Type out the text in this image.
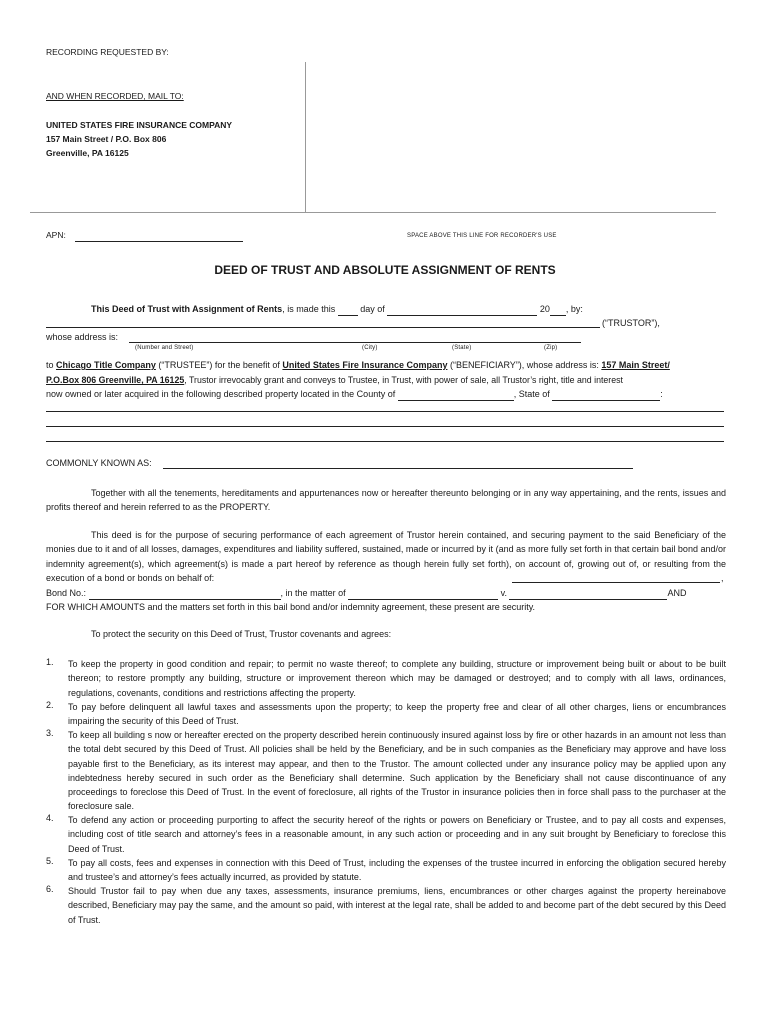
RECORDING REQUESTED BY:
AND WHEN RECORDED, MAIL TO:
UNITED STATES FIRE INSURANCE COMPANY
157 Main Street / P.O. Box 806
Greenville, PA 16125
APN:	SPACE ABOVE THIS LINE FOR RECORDER'S USE
DEED OF TRUST AND ABSOLUTE ASSIGNMENT OF RENTS
This Deed of Trust with Assignment of Rents, is made this	day of	20 , by:
(“TRUSTOR”),
whose address is:
(Number and Street)	(City)	(State)	(Zip)
to Chicago Title Company (“TRUSTEE”) for the benefit of United States Fire Insurance Company (“BENEFICIARY”), whose address is: 157 Main Street/
P.O.Box 806 Greenville, PA 16125, Trustor irrevocably grant and conveys to Trustee, in Trust, with power of sale, all Trustor’s right, title and interest
now owned or later acquired in the following described property located in the County of	, State of	:
COMMONLY KNOWN AS:
Together with all the tenements, hereditaments and appurtenances now or hereafter thereunto belonging or in any way appertaining, and the rents, issues and profits thereof and herein referred to as the PROPERTY.
This deed is for the purpose of securing performance of each agreement of Trustor herein contained, and securing payment to the said Beneficiary of the monies due to it and of all losses, damages, expenditures and liability suffered, sustained, made or incurred by it (and as more fully set forth in that certain bail bond and/or indemnity agreement(s), which agreement(s) is made a part hereof by reference as though herein fully set forth), on account of, growing out of, or resulting from the execution of a bond or bonds on behalf of:	,
Bond No.:	, in the matter of	v.	AND
FOR WHICH AMOUNTS and the matters set forth in this bail bond and/or indemnity agreement, these present are security.
To protect the security on this Deed of Trust, Trustor covenants and agrees:
1.	To keep the property in good condition and repair; to permit no waste thereof; to complete any building, structure or improvement being built or about to be built thereon; to restore promptly any building, structure or improvement thereon which may be damaged or destroyed; and to comply with all laws, ordinances, regulations, covenants, conditions and restrictions affecting the property.
2.	To pay before delinquent all lawful taxes and assessments upon the property; to keep the property free and clear of all other charges, liens or encumbrances impairing the security of this Deed of Trust.
3.	To keep all building s now or hereafter erected on the property described herein continuously insured against loss by fire or other hazards in an amount not less than the total debt secured by this Deed of Trust. All policies shall be held by the Beneficiary, and be in such companies as the Beneficiary may approve and have loss payable first to the Beneficiary, as its interest may appear, and then to the Trustor. The amount collected under any insurance policy may be applied upon any indebtedness hereby secured in such order as the Beneficiary shall determine. Such application by the Beneficiary shall not cause discontinuance of any proceedings to foreclose this Deed of Trust. In the event of foreclosure, all rights of the Trustor in insurance policies then in force shall pass to the purchaser at the foreclosure sale.
4.	To defend any action or proceeding purporting to affect the security hereof of the rights or powers on Beneficiary or Trustee, and to pay all costs and expenses, including cost of title search and attorney’s fees in a reasonable amount, in any such action or proceeding and in any suit brought by Beneficiary to foreclose this Deed of Trust.
5.	To pay all costs, fees and expenses in connection with this Deed of Trust, including the expenses of the trustee incurred in enforcing the obligation secured hereby and trustee’s and attorney’s fees actually incurred, as provided by statute.
6.	Should Trustor fail to pay when due any taxes, assessments, insurance premiums, liens, encumbrances or other charges against the property hereinabove described, Beneficiary may pay the same, and the amount so paid, with interest at the legal rate, shall be added to and become part of the debt secured by this Deed of Trust.
